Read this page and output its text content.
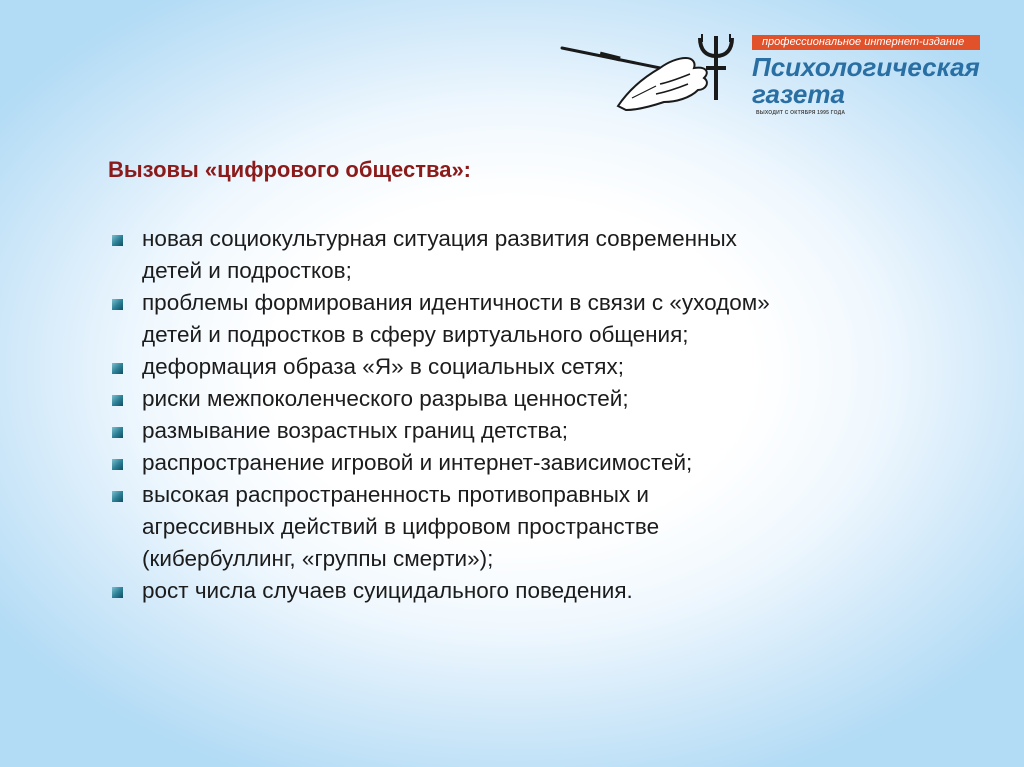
профессиональное интернет-издание
Психологическая
газета
ВЫХОДИТ С ОКТЯБРЯ 1995 ГОДА
Вызовы «цифрового общества»:
новая социокультурная ситуация развития современных
детей и подростков;
проблемы формирования идентичности в связи с «уходом»
детей и подростков в сферу виртуального общения;
деформация образа «Я» в социальных сетях;
риски межпоколенческого разрыва ценностей;
размывание возрастных границ детства;
распространение игровой и интернет-зависимостей;
высокая распространенность противоправных и
агрессивных действий в цифровом пространстве
(кибербуллинг, «группы смерти»);
рост числа случаев суицидального поведения.
